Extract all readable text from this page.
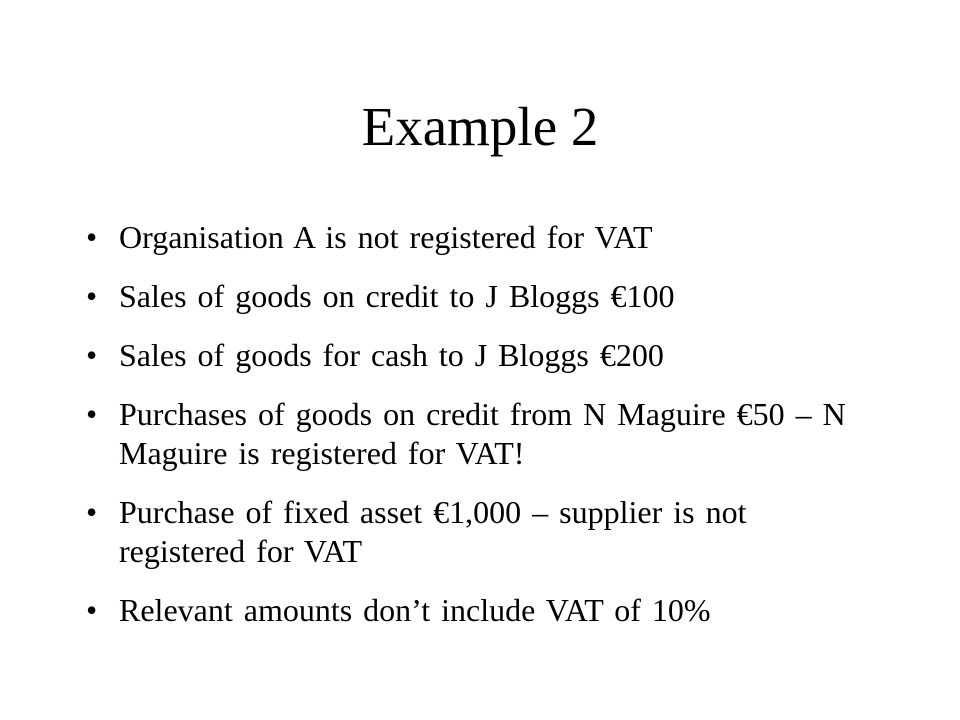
Example 2
• Organisation A is not registered for VAT
• Sales of goods on credit to J Bloggs €100
• Sales of goods for cash to J Bloggs €200
• Purchases of goods on credit from N Maguire €50 – N Maguire is registered for VAT!
• Purchase of fixed asset €1,000 – supplier is not registered for VAT
• Relevant amounts don’t include VAT of 10%
